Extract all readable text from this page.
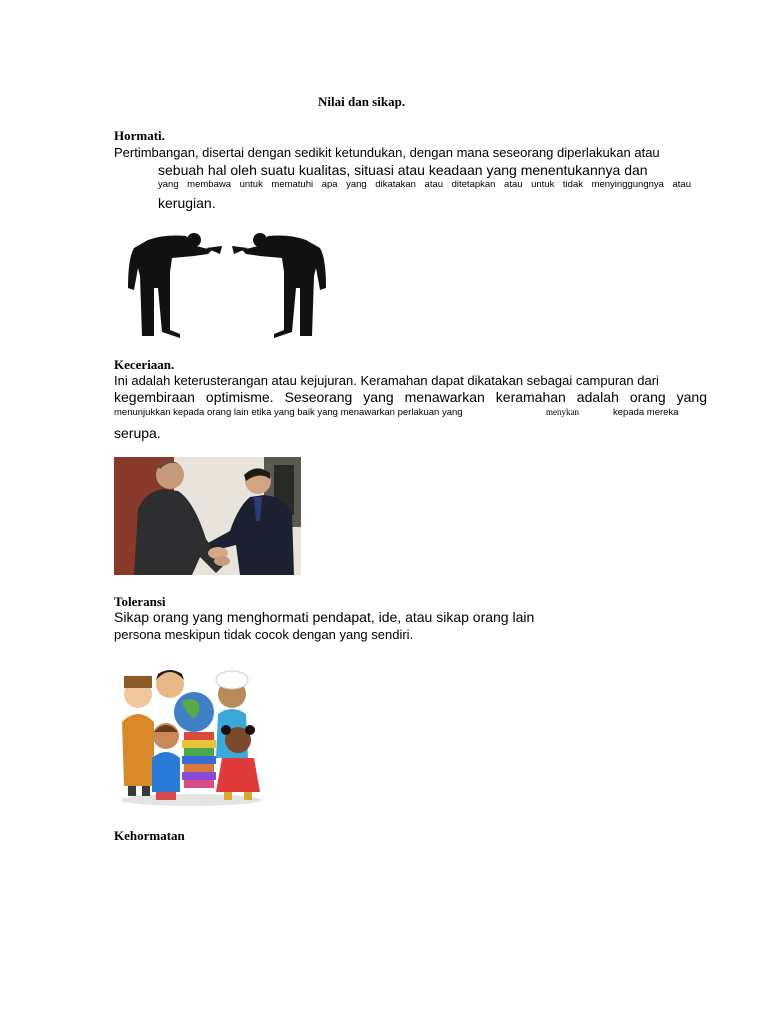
Nilai dan sikap.
Hormati.
Pertimbangan, disertai dengan sedikit ketundukan, dengan mana seseorang diperlakukan atau
sebuah hal oleh suatu kualitas, situasi atau keadaan yang menentukannya dan
yang membawa untuk mematuhi apa yang dikatakan atau ditetapkan atau untuk tidak menyinggungnya atau
kerugian.
Keceriaan.
Ini adalah keterusterangan atau kejujuran. Keramahan dapat dikatakan sebagai campuran dari
kegembiraan optimisme. Seseorang yang menawarkan keramahan adalah orang yang
menunjukkan kepada orang lain etika yang baik yang menawarkan perlakuan yang	menykan	kepada mereka
serupa.
Toleransi
Sikap orang yang menghormati pendapat, ide, atau sikap orang lain
persona meskipun tidak cocok dengan yang sendiri.
Kehormatan
